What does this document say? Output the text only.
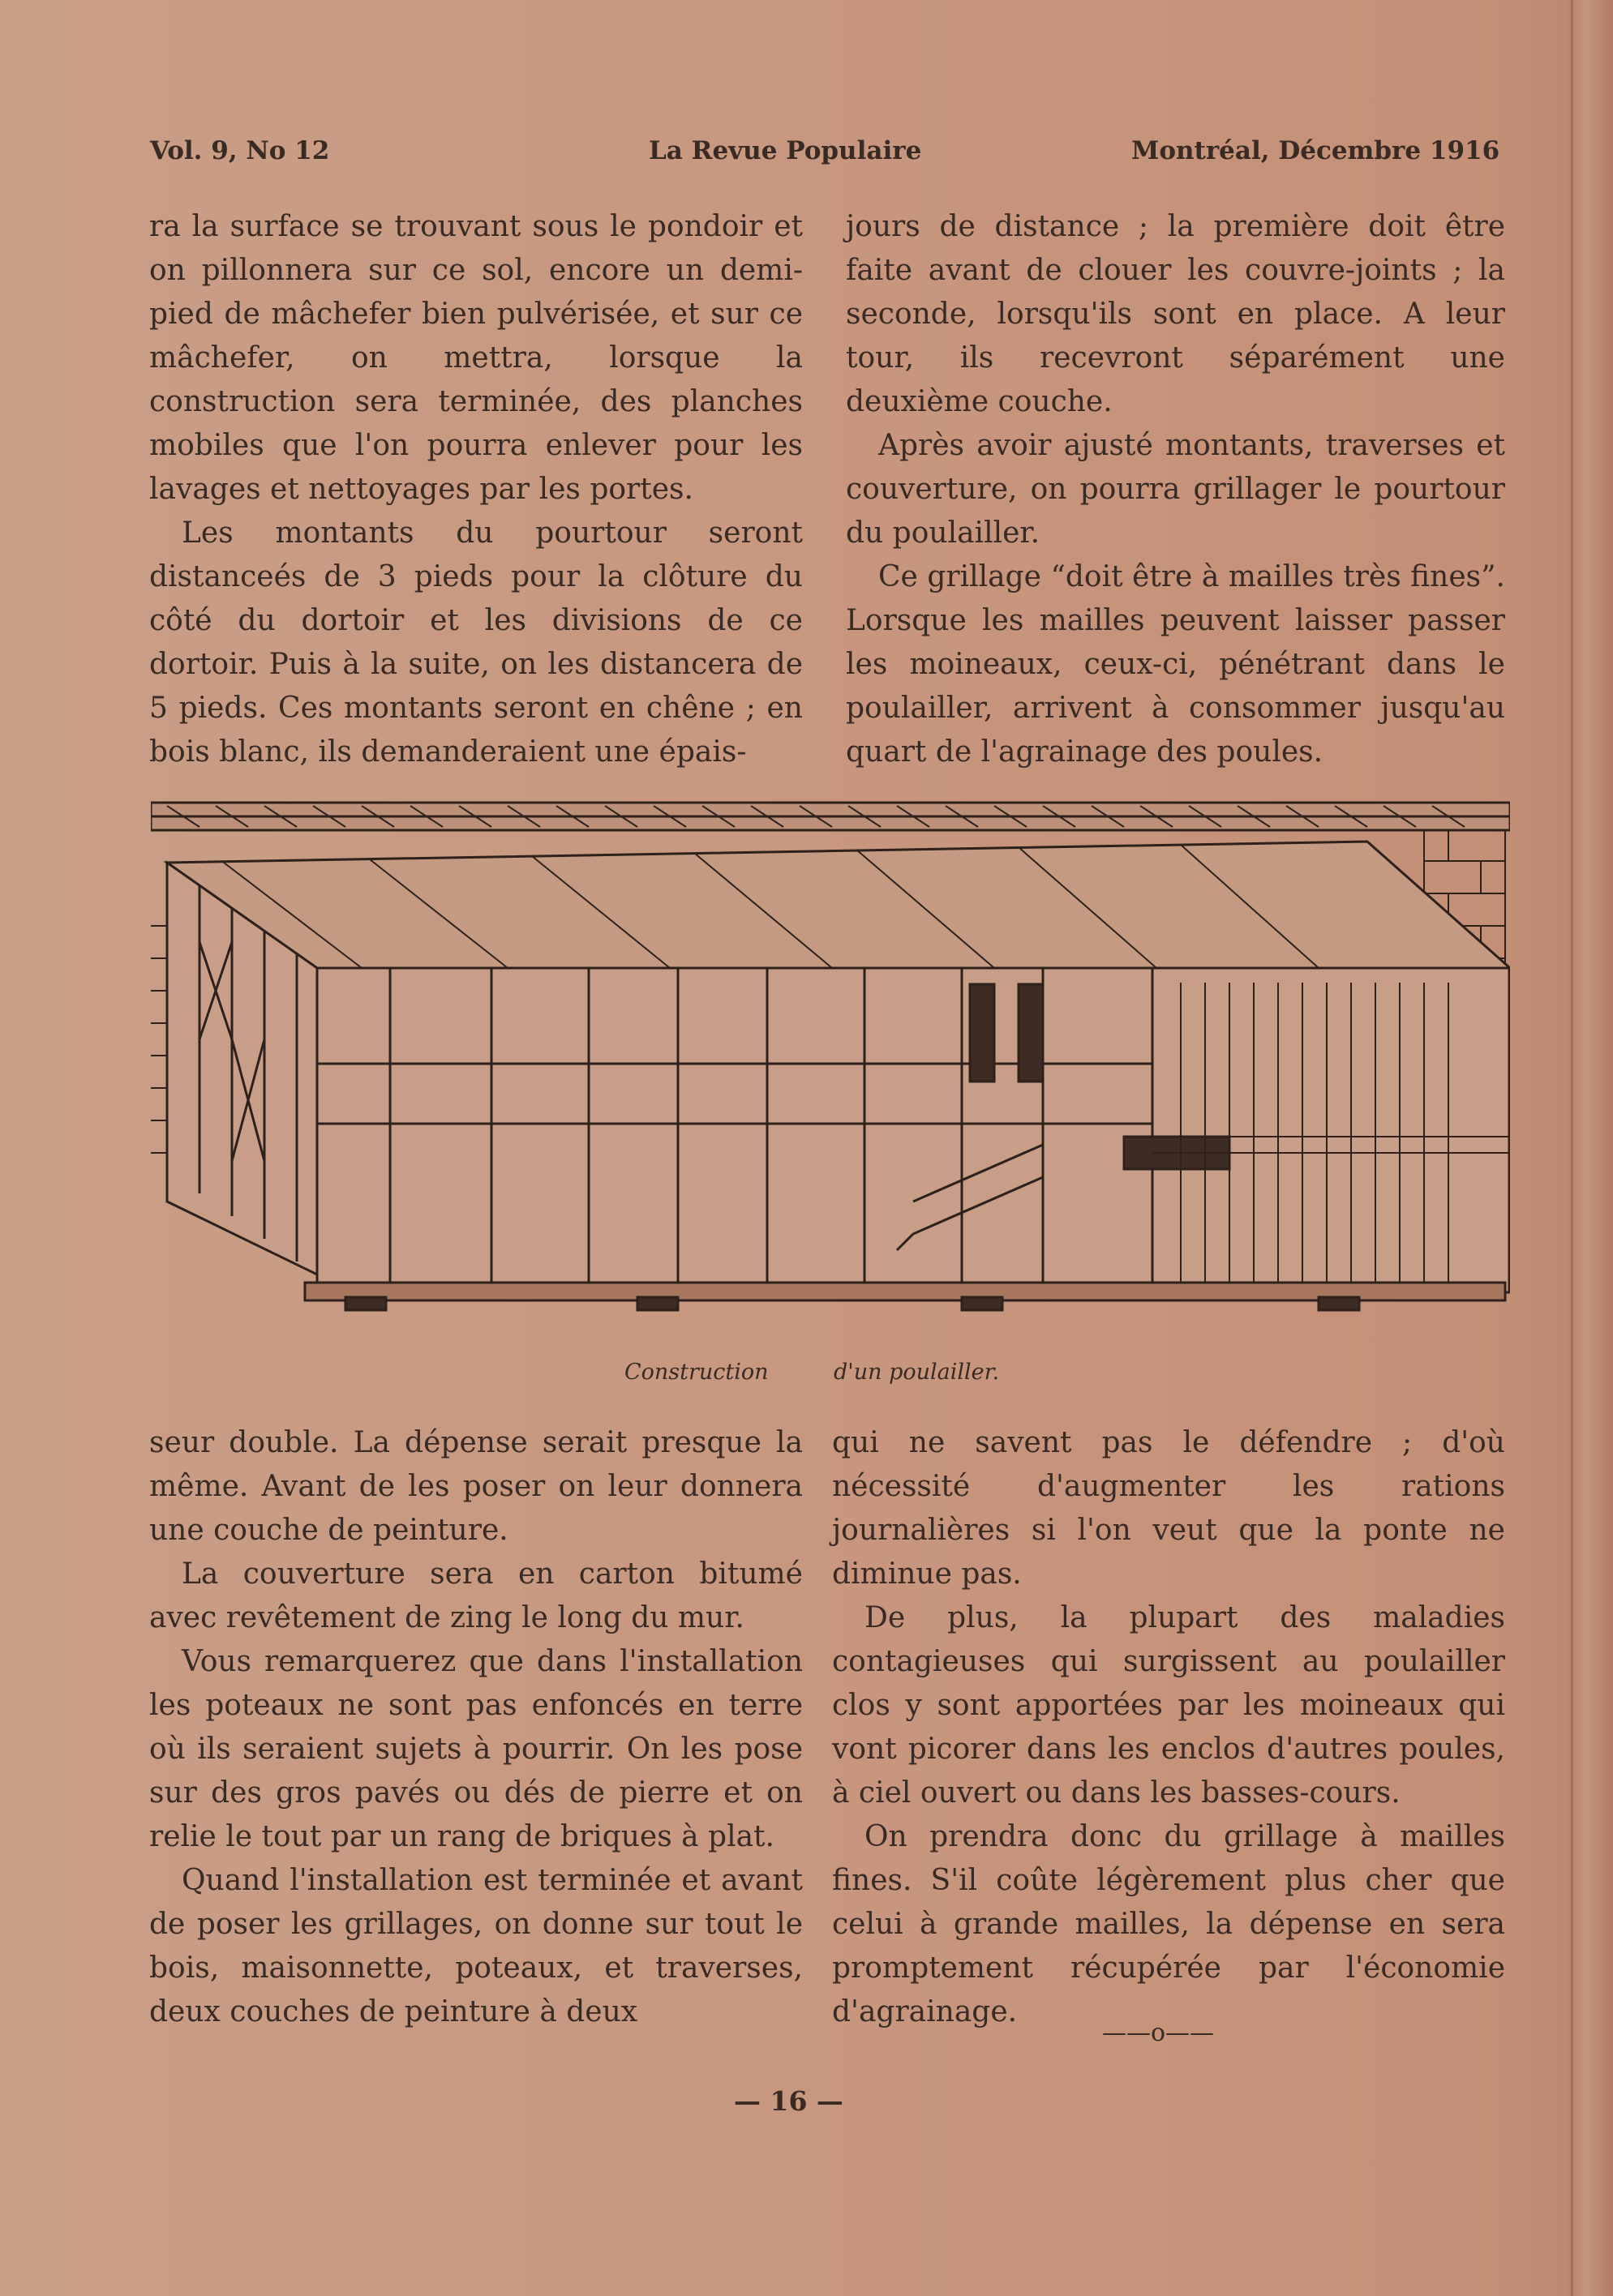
Vol. 9, No 12	La Revue Populaire	Montréal, Décembre 1916

ra la surface se trouvant sous le pondoir et on pillonnera sur ce sol, encore un demi-pied de mâchefer bien pulvérisée, et sur ce mâchefer, on mettra, lorsque la construction sera terminée, des planches mobiles que l'on pourra enlever pour les lavages et nettoyages par les portes.

Les montants du pourtour seront distanceés de 3 pieds pour la clôture du côté du dortoir et les divisions de ce dortoir. Puis à la suite, on les distancera de 5 pieds. Ces montants seront en chêne ; en bois blanc, ils demanderaient une épais-

jours de distance ; la première doit être faite avant de clouer les couvre-joints ; la seconde, lorsqu'ils sont en place. A leur tour, ils recevront séparément une deuxième couche.

Après avoir ajusté montants, traverses et couverture, on pourra grillager le pourtour du poulailler.

Ce grillage “doit être à mailles très fines”. Lorsque les mailles peuvent laisser passer les moineaux, ceux-ci, pénétrant dans le poulailler, arrivent à consommer jusqu'au quart de l'agrainage des poules.

Construction	d'un poulailler.

seur double. La dépense serait presque la même. Avant de les poser on leur donnera une couche de peinture.

La couverture sera en carton bitumé avec revêtement de zing le long du mur.

Vous remarquerez que dans l'installation les poteaux ne sont pas enfoncés en terre où ils seraient sujets à pourrir. On les pose sur des gros pavés ou dés de pierre et on relie le tout par un rang de briques à plat.

Quand l'installation est terminée et avant de poser les grillages, on donne sur tout le bois, maisonnette, poteaux, et traverses, deux couches de peinture à deux

qui ne savent pas le défendre ; d'où nécessité d'augmenter les rations journalières si l'on veut que la ponte ne diminue pas.

De plus, la plupart des maladies contagieuses qui surgissent au poulailler clos y sont apportées par les moineaux qui vont picorer dans les enclos d'autres poules, à ciel ouvert ou dans les basses-cours.

On prendra donc du grillage à mailles fines. S'il coûte légèrement plus cher que celui à grande mailles, la dépense en sera promptement récupérée par l'économie d'agrainage.

——o——
— 16 —
